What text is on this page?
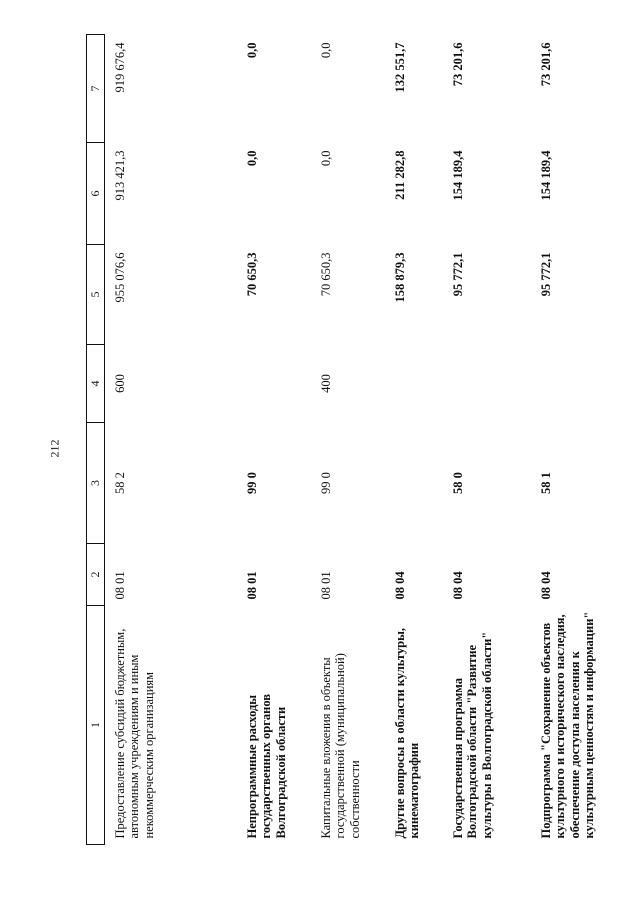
212
1	2	3	4	5	6	7
Предоставление субсидий бюджетным, автономным учреждениям и иным некоммерческим организациям	08 01	58 2	600	955 076,6	913 421,3	919 676,4
Непрограммные расходы государственных органов Волгоградской области	08 01	99 0		70 650,3	0,0	0,0
Капитальные вложения в объекты государственной (муниципальной) собственности	08 01	99 0	400	70 650,3	0,0	0,0
Другие вопросы в области культуры, кинематографии	08 04			158 879,3	211 282,8	132 551,7
Государственная программа Волгоградской области "Развитие культуры в Волгоградской области"	08 04	58 0		95 772,1	154 189,4	73 201,6
Подпрограмма "Сохранение объектов культурного и исторического наследия, обеспечение доступа населения к культурным ценностям и информации"	08 04	58 1		95 772,1	154 189,4	73 201,6
